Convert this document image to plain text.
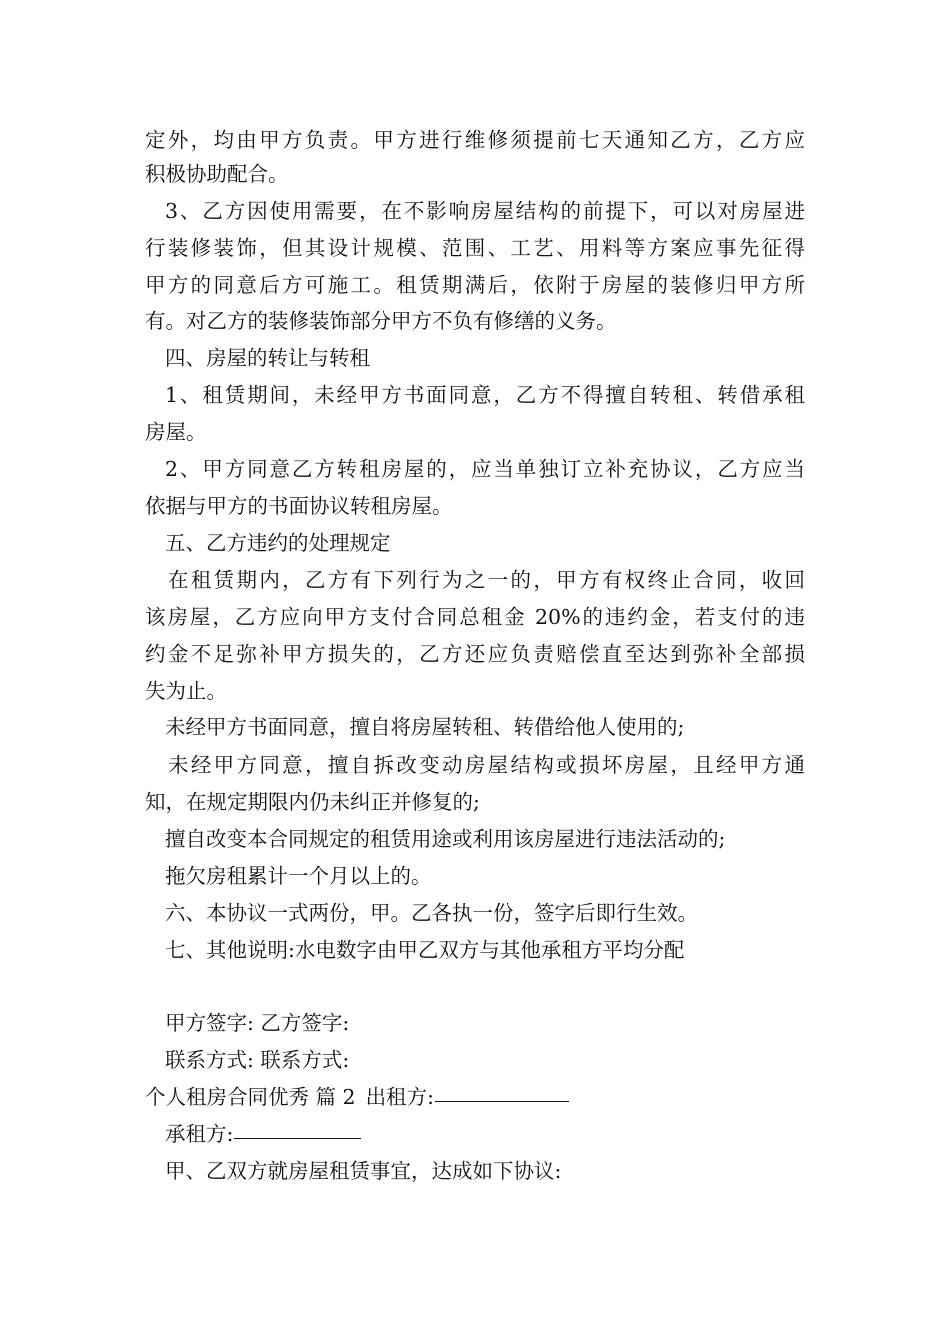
定外，均由甲方负责。甲方进行维修须提前七天通知乙方，乙方应
积极协助配合。
3、乙方因使用需要，在不影响房屋结构的前提下，可以对房屋进
行装修装饰，但其设计规模、范围、工艺、用料等方案应事先征得
甲方的同意后方可施工。租赁期满后，依附于房屋的装修归甲方所
有。对乙方的装修装饰部分甲方不负有修缮的义务。
四、房屋的转让与转租
1、租赁期间，未经甲方书面同意，乙方不得擅自转租、转借承租
房屋。
2、甲方同意乙方转租房屋的，应当单独订立补充协议，乙方应当
依据与甲方的书面协议转租房屋。
五、乙方违约的处理规定
在租赁期内，乙方有下列行为之一的，甲方有权终止合同，收回
该房屋，乙方应向甲方支付合同总租金 20%的违约金，若支付的违
约金不足弥补甲方损失的，乙方还应负责赔偿直至达到弥补全部损
失为止。
未经甲方书面同意，擅自将房屋转租、转借给他人使用的;
未经甲方同意，擅自拆改变动房屋结构或损坏房屋，且经甲方通
知，在规定期限内仍未纠正并修复的;
擅自改变本合同规定的租赁用途或利用该房屋进行违法活动的;
拖欠房租累计一个月以上的。
六、本协议一式两份，甲。乙各执一份，签字后即行生效。
七、其他说明:水电数字由甲乙双方与其他承租方平均分配
甲方签字: 乙方签字:
联系方式: 联系方式:
个人租房合同优秀 篇 2 出租方:
承租方:
甲、乙双方就房屋租赁事宜，达成如下协议:
